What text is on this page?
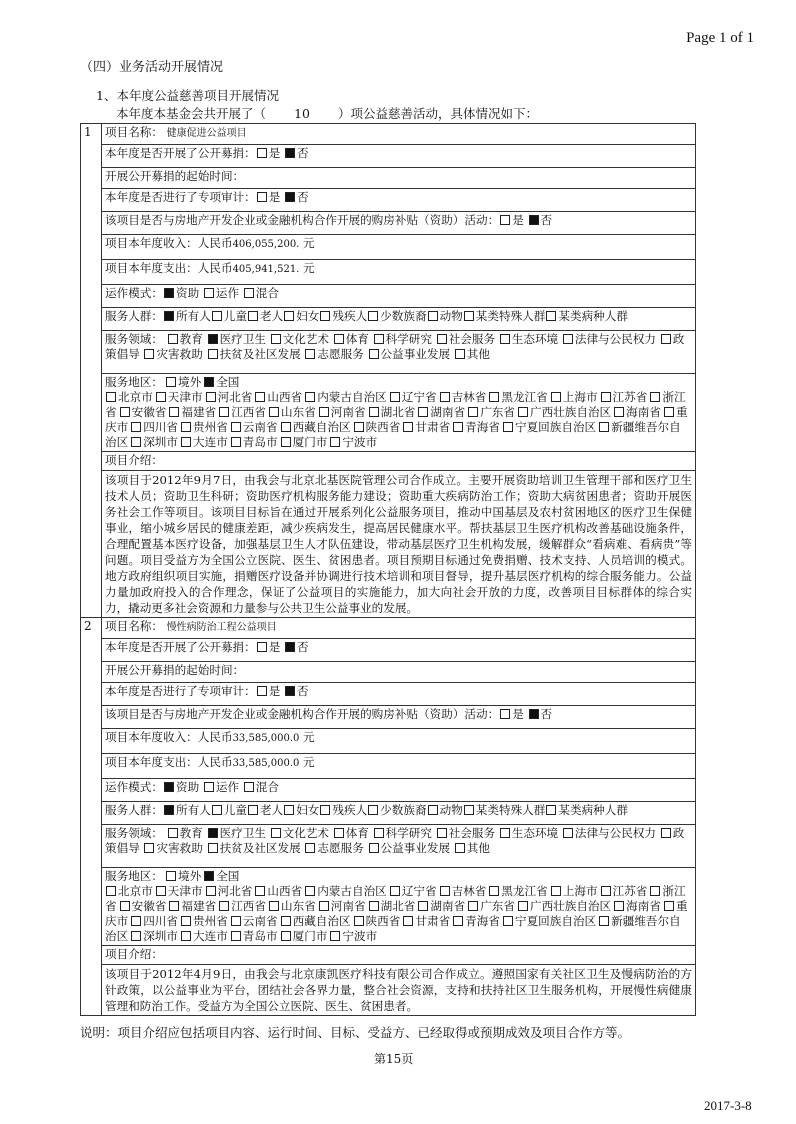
Page 1 of 1
（四）业务活动开展情况
1、本年度公益慈善项目开展情况
本年度本基金会共开展了（ 10 ）项公益慈善活动，具体情况如下：
1	项目名称： 健康促进公益项目
	本年度是否开展了公开募捐： 是 否
	开展公开募捐的起始时间：
	本年度是否进行了专项审计： 是 否
	该项目是否与房地产开发企业或金融机构合作开展的购房补贴（资助）活动： 是 否
	项目本年度收入：人民币406,055,200. 元
	项目本年度支出：人民币405,941,521. 元
	运作模式： 资助 运作 混合
	服务人群： 所有人 儿童 老人 妇女 残疾人 少数族裔 动物 某类特殊人群 某类病种人群
	服务领域： 教育 医疗卫生 文化艺术 体育 科学研究 社会服务 生态环境 法律与公民权力 政策倡导 灾害救助 扶贫及社区发展 志愿服务 公益事业发展 其他

	服务地区： 境外 全国
北京市 天津市 河北省 山西省 内蒙古自治区 辽宁省 吉林省 黑龙江省 上海市 江苏省 浙江省 安徽省 福建省 江西省 山东省 河南省 湖北省 湖南省 广东省 广西壮族自治区 海南省 重庆市 四川省 贵州省 云南省 西藏自治区 陕西省 甘肃省 青海省 宁夏回族自治区 新疆维吾尔自治区 深圳市 大连市 青岛市 厦门市 宁波市

	项目介绍：

	该项目于2012年9月7日，由我会与北京北基医院管理公司合作成立。主要开展资助培训卫生管理干部和医疗卫生技术人员；资助卫生科研；资助医疗机构服务能力建设；资助重大疾病防治工作；资助大病贫困患者；资助开展医务社会工作等项目。该项目目标旨在通过开展系列化公益服务项目，推动中国基层及农村贫困地区的医疗卫生保健事业，缩小城乡居民的健康差距，减少疾病发生，提高居民健康水平。帮扶基层卫生医疗机构改善基础设施条件，合理配置基本医疗设备，加强基层卫生人才队伍建设，带动基层医疗卫生机构发展，缓解群众“看病难、看病贵”等问题。项目受益方为全国公立医院、医生、贫困患者。项目预期目标通过免费捐赠、技术支持、人员培训的模式。地方政府组织项目实施，捐赠医疗设备并协调进行技术培训和项目督导，提升基层医疗机构的综合服务能力。公益力量加政府投入的合作理念，保证了公益项目的实施能力，加大向社会开放的力度，改善项目目标群体的综合实力，撬动更多社会资源和力量参与公共卫生公益事业的发展。

2	项目名称： 慢性病防治工程公益项目
	本年度是否开展了公开募捐： 是 否
	开展公开募捐的起始时间：
	本年度是否进行了专项审计： 是 否
	该项目是否与房地产开发企业或金融机构合作开展的购房补贴（资助）活动： 是 否
	项目本年度收入：人民币33,585,000.0 元
	项目本年度支出：人民币33,585,000.0 元
	运作模式： 资助 运作 混合
	服务人群： 所有人 儿童 老人 妇女 残疾人 少数族裔 动物 某类特殊人群 某类病种人群
	服务领域： 教育 医疗卫生 文化艺术 体育 科学研究 社会服务 生态环境 法律与公民权力 政策倡导 灾害救助 扶贫及社区发展 志愿服务 公益事业发展 其他

	服务地区： 境外 全国
北京市 天津市 河北省 山西省 内蒙古自治区 辽宁省 吉林省 黑龙江省 上海市 江苏省 浙江省 安徽省 福建省 江西省 山东省 河南省 湖北省 湖南省 广东省 广西壮族自治区 海南省 重庆市 四川省 贵州省 云南省 西藏自治区 陕西省 甘肃省 青海省 宁夏回族自治区 新疆维吾尔自治区 深圳市 大连市 青岛市 厦门市 宁波市

	项目介绍：

	该项目于2012年4月9日，由我会与北京康凯医疗科技有限公司合作成立。遵照国家有关社区卫生及慢病防治的方针政策，以公益事业为平台，团结社会各界力量，整合社会资源，支持和扶持社区卫生服务机构，开展慢性病健康管理和防治工作。受益方为全国公立医院、医生、贫困患者。
说明：项目介绍应包括项目内容、运行时间、目标、受益方、已经取得或预期成效及项目合作方等。
第15页
2017-3-8
